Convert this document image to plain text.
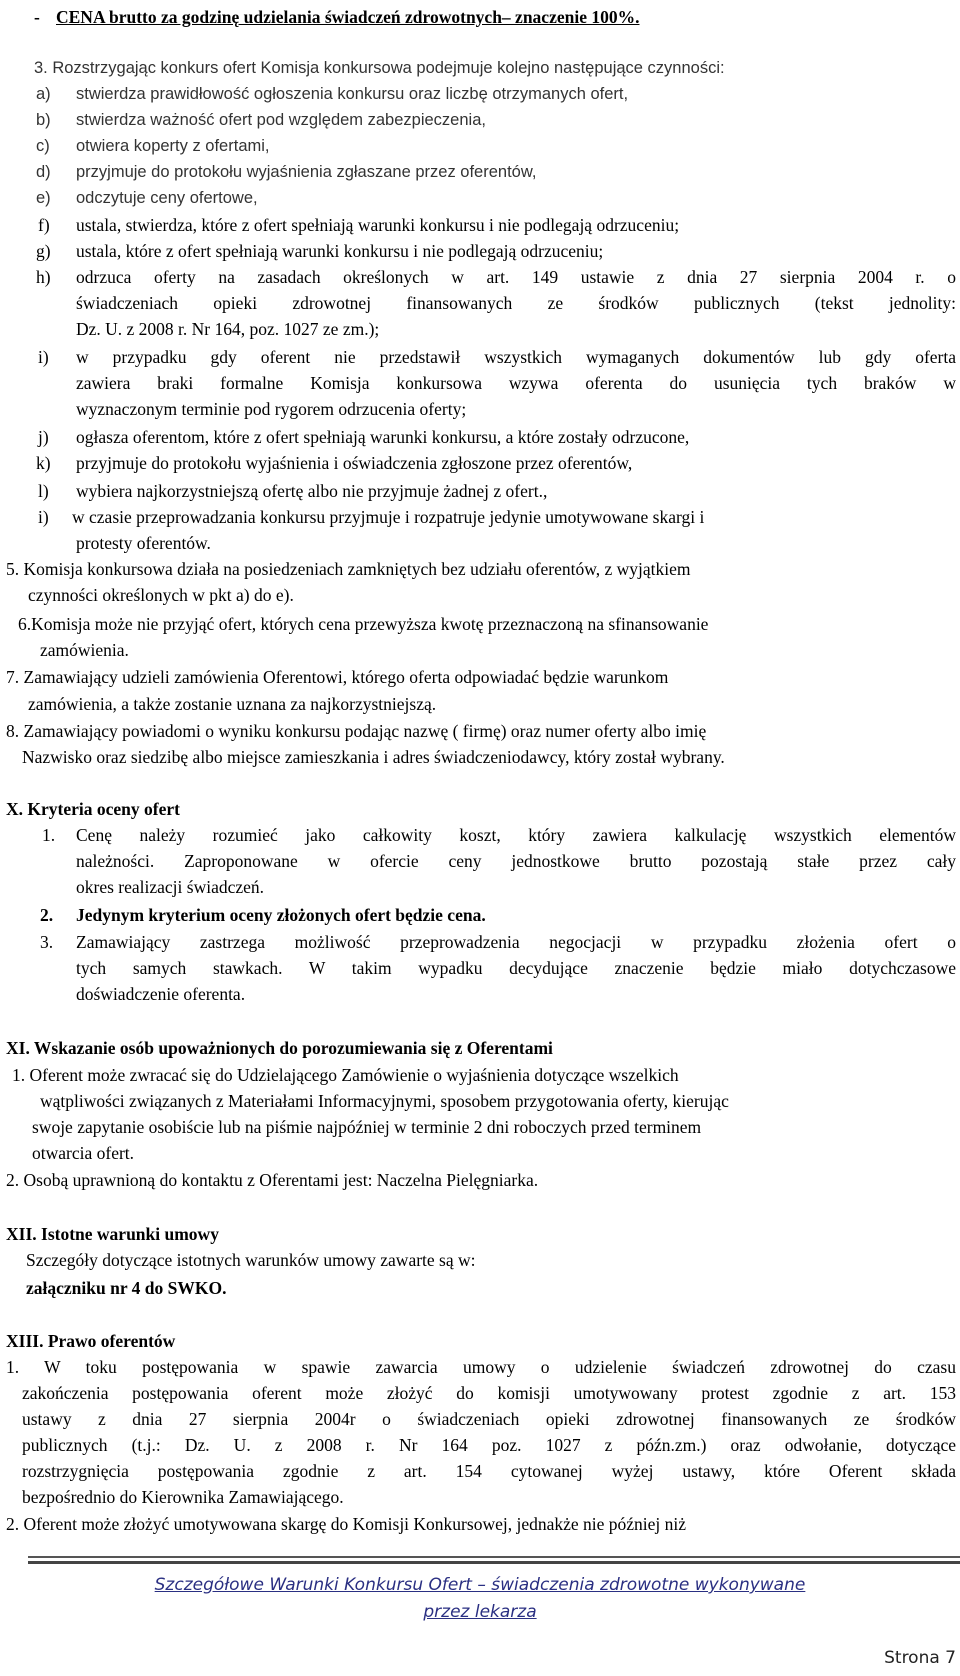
- CENA brutto za godzinę udzielania świadczeń zdrowotnych– znaczenie 100%.
3. Rozstrzygając konkurs ofert Komisja konkursowa podejmuje kolejno następujące czynności:
a) stwierdza prawidłowość ogłoszenia konkursu oraz liczbę otrzymanych ofert,
b) stwierdza ważność ofert pod względem zabezpieczenia,
c) otwiera koperty z ofertami,
d) przyjmuje do protokołu wyjaśnienia zgłaszane przez oferentów,
e) odczytuje ceny ofertowe,
f) ustala, stwierdza, które z ofert spełniają warunki konkursu i nie podlegają odrzuceniu;
g) ustala, które z ofert spełniają warunki konkursu i nie podlegają odrzuceniu;
h) odrzuca oferty na zasadach określonych w art. 149 ustawie z dnia 27 sierpnia 2004 r. o
świadczeniach opieki zdrowotnej finansowanych ze środków publicznych (tekst jednolity:
Dz. U. z 2008 r. Nr 164, poz. 1027 ze zm.);
i) w przypadku gdy oferent nie przedstawił wszystkich wymaganych dokumentów lub gdy oferta
zawiera braki formalne Komisja konkursowa wzywa oferenta do usunięcia tych braków w
wyznaczonym terminie pod rygorem odrzucenia oferty;
j) ogłasza oferentom, które z ofert spełniają warunki konkursu, a które zostały odrzucone,
k) przyjmuje do protokołu wyjaśnienia i oświadczenia zgłoszone przez oferentów,
l) wybiera najkorzystniejszą ofertę albo nie przyjmuje żadnej z ofert.,
i) w czasie przeprowadzania konkursu przyjmuje i rozpatruje jedynie umotywowane skargi i
protesty oferentów.
5. Komisja konkursowa działa na posiedzeniach zamkniętych bez udziału oferentów, z wyjątkiem
czynności określonych w pkt a) do e).
6.Komisja może nie przyjąć ofert, których cena przewyższa kwotę przeznaczoną na sfinansowanie
zamówienia.
7. Zamawiający udzieli zamówienia Oferentowi, którego oferta odpowiadać będzie warunkom
zamówienia, a także zostanie uznana za najkorzystniejszą.
8. Zamawiający powiadomi o wyniku konkursu podając nazwę ( firmę) oraz numer oferty albo imię
Nazwisko oraz siedzibę albo miejsce zamieszkania i adres świadczeniodawcy, który został wybrany.
X. Kryteria oceny ofert
1. Cenę należy rozumieć jako całkowity koszt, który zawiera kalkulację wszystkich elementów
należności. Zaproponowane w ofercie ceny jednostkowe brutto pozostają stałe przez cały
okres realizacji świadczeń.
2. Jedynym kryterium oceny złożonych ofert będzie cena.
3. Zamawiający zastrzega możliwość przeprowadzenia negocjacji w przypadku złożenia ofert o
tych samych stawkach. W takim wypadku decydujące znaczenie będzie miało dotychczasowe
doświadczenie oferenta.
XI. Wskazanie osób upoważnionych do porozumiewania się z Oferentami
1. Oferent może zwracać się do Udzielającego Zamówienie o wyjaśnienia dotyczące wszelkich
wątpliwości związanych z Materiałami Informacyjnymi, sposobem przygotowania oferty, kierując
swoje zapytanie osobiście lub na piśmie najpóźniej w terminie 2 dni roboczych przed terminem
otwarcia ofert.
2. Osobą uprawnioną do kontaktu z Oferentami jest: Naczelna Pielęgniarka.
XII. Istotne warunki umowy
Szczegóły dotyczące istotnych warunków umowy zawarte są w:
załączniku nr 4 do SWKO.
XIII. Prawo oferentów
1. W toku postępowania w spawie zawarcia umowy o udzielenie świadczeń zdrowotnej do czasu
zakończenia postępowania oferent może złożyć do komisji umotywowany protest zgodnie z art. 153
ustawy z dnia 27 sierpnia 2004r o świadczeniach opieki zdrowotnej finansowanych ze środków
publicznych (t.j.: Dz. U. z 2008 r. Nr 164 poz. 1027 z późn.zm.) oraz odwołanie, dotyczące
rozstrzygnięcia postępowania zgodnie z art. 154 cytowanej wyżej ustawy, które Oferent składa
bezpośrednio do Kierownika Zamawiającego.
2. Oferent może złożyć umotywowana skargę do Komisji Konkursowej, jednakże nie później niż
Szczegółowe Warunki Konkursu Ofert – świadczenia zdrowotne wykonywane
przez lekarza
Strona 7
